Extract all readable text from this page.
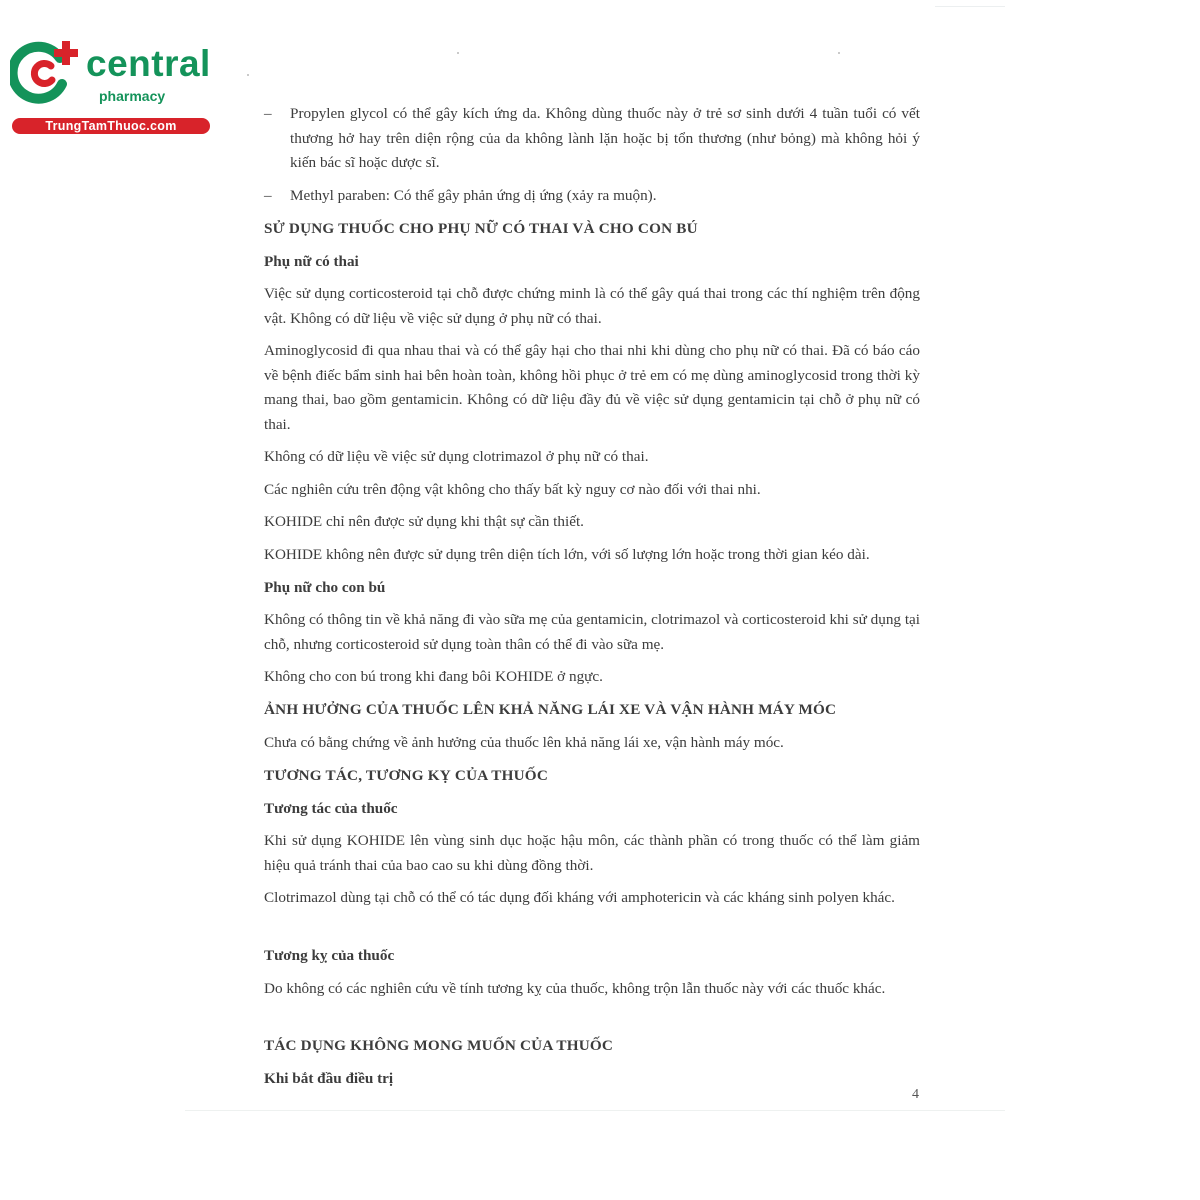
central
pharmacy
TrungTamThuoc.com
–	Propylen glycol có thể gây kích ứng da. Không dùng thuốc này ở trẻ sơ sinh dưới 4 tuần tuổi có vết thương hở hay trên diện rộng của da không lành lặn hoặc bị tổn thương (như bỏng) mà không hỏi ý kiến bác sĩ hoặc dược sĩ.
–	Methyl paraben: Có thể gây phản ứng dị ứng (xảy ra muộn).
SỬ DỤNG THUỐC CHO PHỤ NỮ CÓ THAI VÀ CHO CON BÚ
Phụ nữ có thai
Việc sử dụng corticosteroid tại chỗ được chứng minh là có thể gây quá thai trong các thí nghiệm trên động vật. Không có dữ liệu về việc sử dụng ở phụ nữ có thai.
Aminoglycosid đi qua nhau thai và có thể gây hại cho thai nhi khi dùng cho phụ nữ có thai. Đã có báo cáo về bệnh điếc bẩm sinh hai bên hoàn toàn, không hồi phục ở trẻ em có mẹ dùng aminoglycosid trong thời kỳ mang thai, bao gồm gentamicin. Không có dữ liệu đầy đủ về việc sử dụng gentamicin tại chỗ ở phụ nữ có thai.
Không có dữ liệu về việc sử dụng clotrimazol ở phụ nữ có thai.
Các nghiên cứu trên động vật không cho thấy bất kỳ nguy cơ nào đối với thai nhi.
KOHIDE chỉ nên được sử dụng khi thật sự cần thiết.
KOHIDE không nên được sử dụng trên diện tích lớn, với số lượng lớn hoặc trong thời gian kéo dài.
Phụ nữ cho con bú
Không có thông tin về khả năng đi vào sữa mẹ của gentamicin, clotrimazol và corticosteroid khi sử dụng tại chỗ, nhưng corticosteroid sử dụng toàn thân có thể đi vào sữa mẹ.
Không cho con bú trong khi đang bôi KOHIDE ở ngực.
ẢNH HƯỞNG CỦA THUỐC LÊN KHẢ NĂNG LÁI XE VÀ VẬN HÀNH MÁY MÓC
Chưa có bằng chứng về ảnh hưởng của thuốc lên khả năng lái xe, vận hành máy móc.
TƯƠNG TÁC, TƯƠNG KỴ CỦA THUỐC
Tương tác của thuốc
Khi sử dụng KOHIDE lên vùng sinh dục hoặc hậu môn, các thành phần có trong thuốc có thể làm giảm hiệu quả tránh thai của bao cao su khi dùng đồng thời.
Clotrimazol dùng tại chỗ có thể có tác dụng đối kháng với amphotericin và các kháng sinh polyen khác.
Tương kỵ của thuốc
Do không có các nghiên cứu về tính tương kỵ của thuốc, không trộn lẫn thuốc này với các thuốc khác.
TÁC DỤNG KHÔNG MONG MUỐN CỦA THUỐC
Khi bắt đầu điều trị
4
